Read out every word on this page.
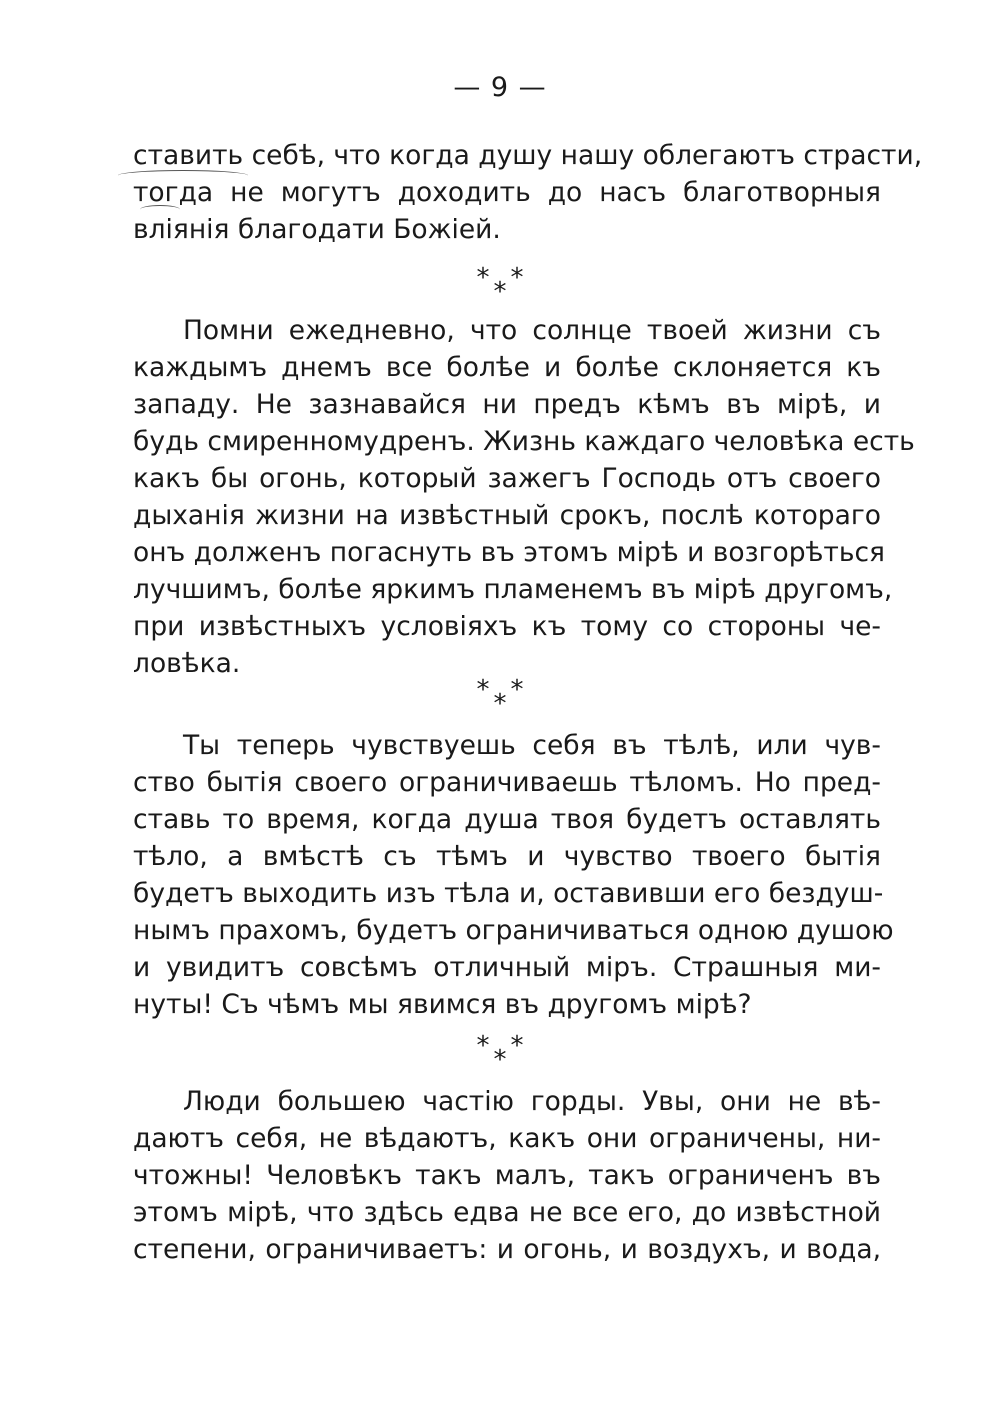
— 9 —
ставить себѣ, что когда душу нашу облегаютъ страсти,
тогда не могутъ доходить до насъ благотворныя
вліянія благодати Божіей.
* * *
Помни ежедневно, что солнце твоей жизни съ
каждымъ днемъ все болѣе и болѣе склоняется къ
западу. Не зазнавайся ни предъ кѣмъ въ мірѣ, и
будь смиренномудренъ. Жизнь каждаго человѣка есть
какъ бы огонь, который зажегъ Господь отъ своего
дыханія жизни на извѣстный срокъ, послѣ котораго
онъ долженъ погаснуть въ этомъ мірѣ и возгорѣться
лучшимъ, болѣе яркимъ пламенемъ въ мірѣ другомъ,
при извѣстныхъ условіяхъ къ тому со стороны че-
ловѣка.
* * *
Ты теперь чувствуешь себя въ тѣлѣ, или чув-
ство бытія своего ограничиваешь тѣломъ. Но пред-
ставь то время, когда душа твоя будетъ оставлять
тѣло, а вмѣстѣ съ тѣмъ и чувство твоего бытія
будетъ выходить изъ тѣла и, оставивши его бездуш-
нымъ прахомъ, будетъ ограничиваться одною душою
и увидитъ совсѣмъ отличный міръ. Страшныя ми-
нуты! Съ чѣмъ мы явимся въ другомъ мірѣ?
* * *
Люди большею частію горды. Увы, они не вѣ-
даютъ себя, не вѣдаютъ, какъ они ограничены, ни-
чтожны! Человѣкъ такъ малъ, такъ ограниченъ въ
этомъ мірѣ, что здѣсь едва не все его, до извѣстной
степени, ограничиваетъ: и огонь, и воздухъ, и вода,
